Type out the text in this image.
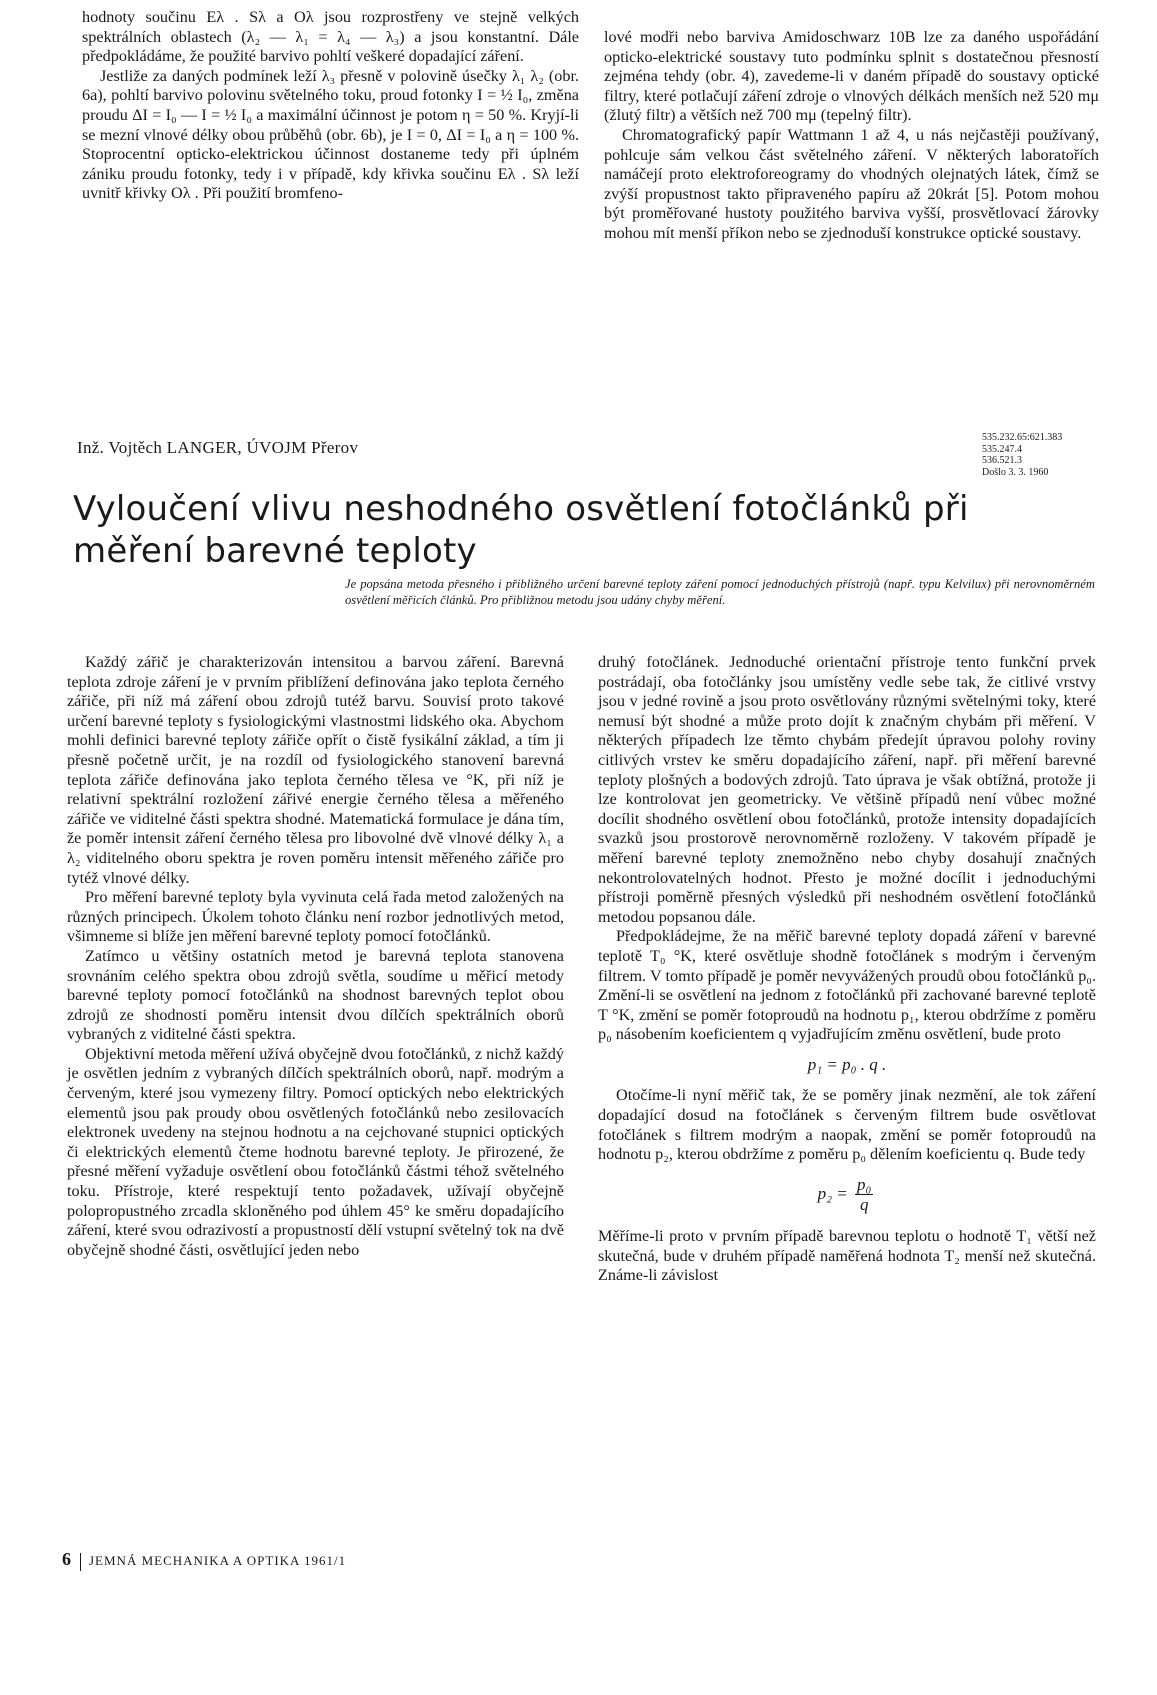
hodnoty součinu Eλ . Sλ a Oλ jsou rozprostřeny ve stejně velkých spektrálních oblastech (λ₂ — λ₁ = λ₄ — λ₃) a jsou konstantní. Dále předpokládáme, že použité barvivo pohltí veškeré dopadající záření.

Jestliže za daných podmínek leží λ₃ přesně v polovině úsečky λ₁ λ₂ (obr. 6a), pohltí barvivo polovinu světelného toku, proud fotonky I = ½ I₀, změna proudu ΔI = I₀ — I = ½ I₀ a maximální účinnost je potom η = 50 %. Kryjí-li se mezní vlnové délky obou průběhů (obr. 6b), je I = 0, ΔI = I₀ a η = 100 %. Stoprocentní opticko-elektrickou účinnost dostaneme tedy při úplném zániku proudu fotonky, tedy i v případě, kdy křivka součinu Eλ . Sλ leží uvnitř křivky Oλ . Při použití bromfeno-

lové modři nebo barviva Amidoschwarz 10B lze za daného uspořádání opticko-elektrické soustavy tuto podmínku splnit s dostatečnou přesností zejména tehdy (obr. 4), zavedeme-li v daném případě do soustavy optické filtry, které potlačují záření zdroje o vlnových délkách menších než 520 mμ (žlutý filtr) a větších než 700 mμ (tepelný filtr).

Chromatografický papír Wattmann 1 až 4, u nás nejčastěji používaný, pohlcuje sám velkou část světelného záření. V některých laboratořích namáčejí proto elektroforeogramy do vhodných olejnatých látek, čímž se zvýší propustnost takto připraveného papíru až 20krát [5]. Potom mohou být proměřované hustoty použitého barviva vyšší, prosvětlovací žárovky mohou mít menší příkon nebo se zjednoduší konstrukce optické soustavy.

Inž. Vojtěch LANGER, ÚVOJM Přerov
535.232.65:621.383
535.247.4
536.521.3
Došlo 3. 3. 1960
Vyloučení vlivu neshodného osvětlení fotočlánků při měření barevné teploty
Je popsána metoda přesného i přibližného určení barevné teploty záření pomocí jednoduchých přístrojů (např. typu Kelvilux) při nerovnoměrném osvětlení měřicích článků. Pro přibližnou metodu jsou udány chyby měření.

Každý zářič je charakterizován intensitou a barvou záření. Barevná teplota zdroje záření je v prvním přiblížení definována jako teplota černého zářiče, při níž má záření obou zdrojů tutéž barvu. Souvisí proto takové určení barevné teploty s fysiologickými vlastnostmi lidského oka. Abychom mohli definici barevné teploty zářiče opřít o čistě fysikální základ, a tím ji přesně početně určit, je na rozdíl od fysiologického stanovení barevná teplota zářiče definována jako teplota černého tělesa ve °K, při níž je relativní spektrální rozložení zářivé energie černého tělesa a měřeného zářiče ve viditelné části spektra shodné. Matematická formulace je dána tím, že poměr intensit záření černého tělesa pro libovolné dvě vlnové délky λ₁ a λ₂ viditelného oboru spektra je roven poměru intensit měřeného zářiče pro tytéž vlnové délky.

Pro měření barevné teploty byla vyvinuta celá řada metod založených na různých principech. Úkolem tohoto článku není rozbor jednotlivých metod, všimneme si blíže jen měření barevné teploty pomocí fotočlánků.

Zatímco u většiny ostatních metod je barevná teplota stanovena srovnáním celého spektra obou zdrojů světla, soudíme u měřicí metody barevné teploty pomocí fotočlánků na shodnost barevných teplot obou zdrojů ze shodnosti poměru intensit dvou dílčích spektrálních oborů vybraných z viditelné části spektra.

Objektivní metoda měření užívá obyčejně dvou fotočlánků, z nichž každý je osvětlen jedním z vybraných dílčích spektrálních oborů, např. modrým a červeným, které jsou vymezeny filtry. Pomocí optických nebo elektrických elementů jsou pak proudy obou osvětlených fotočlánků nebo zesilovacích elektronek uvedeny na stejnou hodnotu a na cejchované stupnici optických či elektrických elementů čteme hodnotu barevné teploty. Je přirozené, že přesné měření vyžaduje osvětlení obou fotočlánků částmi téhož světelného toku. Přístroje, které respektují tento požadavek, užívají obyčejně polopropustného zrcadla skloněného pod úhlem 45° ke směru dopadajícího záření, které svou odrazivostí a propustností dělí vstupní světelný tok na dvě obyčejně shodné části, osvětlující jeden nebo

druhý fotočlánek. Jednoduché orientační přístroje tento funkční prvek postrádají, oba fotočlánky jsou umístěny vedle sebe tak, že citlivé vrstvy jsou v jedné rovině a jsou proto osvětlovány různými světelnými toky, které nemusí být shodné a může proto dojít k značným chybám při měření. V některých případech lze těmto chybám předejít úpravou polohy roviny citlivých vrstev ke směru dopadajícího záření, např. při měření barevné teploty plošných a bodových zdrojů. Tato úprava je však obtížná, protože ji lze kontrolovat jen geometricky. Ve většině případů není vůbec možné docílit shodného osvětlení obou fotočlánků, protože intensity dopadajících svazků jsou prostorově nerovnoměrně rozloženy. V takovém případě je měření barevné teploty znemožněno nebo chyby dosahují značných nekontrolovatelných hodnot. Přesto je možné docílit i jednoduchými přístroji poměrně přesných výsledků při neshodném osvětlení fotočlánků metodou popsanou dále.

Předpokládejme, že na měřič barevné teploty dopadá záření v barevné teplotě T₀ °K, které osvětluje shodně fotočlánek s modrým i červeným filtrem. V tomto případě je poměr nevyvážených proudů obou fotočlánků p₀. Změní-li se osvětlení na jednom z fotočlánků při zachované barevné teplotě T °K, změní se poměr fotoproudů na hodnotu p₁, kterou obdržíme z poměru p₀ násobením koeficientem q vyjadřujícím změnu osvětlení, bude proto

p₁ = p₀ . q .

Otočíme-li nyní měřič tak, že se poměry jinak nezmění, ale tok záření dopadající dosud na fotočlánek s červeným filtrem bude osvětlovat fotočlánek s filtrem modrým a naopak, změní se poměr fotoproudů na hodnotu p₂, kterou obdržíme z poměru p₀ dělením koeficientu q. Bude tedy

$p_2 = \frac{\text{p₀}}{q}$

Měříme-li proto v prvním případě barevnou teplotu o hodnotě T₁ větší než skutečná, bude v druhém případě naměřená hodnota T₂ menší než skutečná. Známe-li závislost

6 JEMNÁ MECHANIKA A OPTIKA 1961/1
